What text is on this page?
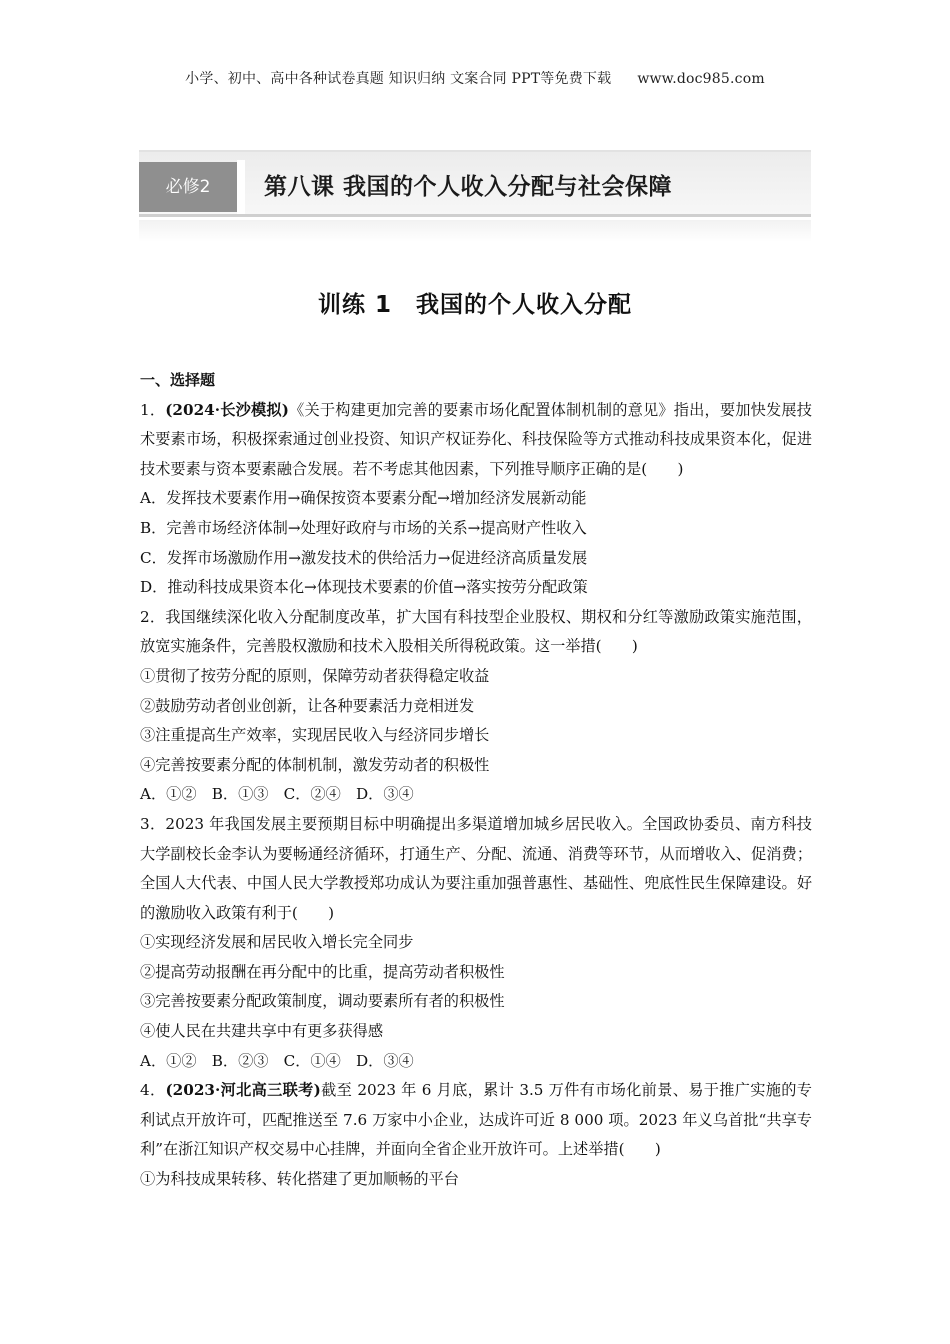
小学、初中、高中各种试卷真题 知识归纳 文案合同 PPT等免费下载 www.doc985.com
必修2	第八课 我国的个人收入分配与社会保障
训练 1　我国的个人收入分配

一、选择题

1．(2024·长沙模拟)《关于构建更加完善的要素市场化配置体制机制的意见》指出，要加快发展技术要素市场，积极探索通过创业投资、知识产权证券化、科技保险等方式推动科技成果资本化，促进技术要素与资本要素融合发展。若不考虑其他因素，下列推导顺序正确的是(　　)

A．发挥技术要素作用→确保按资本要素分配→增加经济发展新动能

B．完善市场经济体制→处理好政府与市场的关系→提高财产性收入

C．发挥市场激励作用→激发技术的供给活力→促进经济高质量发展

D．推动科技成果资本化→体现技术要素的价值→落实按劳分配政策

2．我国继续深化收入分配制度改革，扩大国有科技型企业股权、期权和分红等激励政策实施范围，放宽实施条件，完善股权激励和技术入股相关所得税政策。这一举措(　　)

①贯彻了按劳分配的原则，保障劳动者获得稳定收益

②鼓励劳动者创业创新，让各种要素活力竞相迸发

③注重提高生产效率，实现居民收入与经济同步增长

④完善按要素分配的体制机制，激发劳动者的积极性

A．①②　B．①③　C．②④　D．③④

3．2023 年我国发展主要预期目标中明确提出多渠道增加城乡居民收入。全国政协委员、南方科技大学副校长金李认为要畅通经济循环，打通生产、分配、流通、消费等环节，从而增收入、促消费；全国人大代表、中国人民大学教授郑功成认为要注重加强普惠性、基础性、兜底性民生保障建设。好的激励收入政策有利于(　　)

①实现经济发展和居民收入增长完全同步

②提高劳动报酬在再分配中的比重，提高劳动者积极性

③完善按要素分配政策制度，调动要素所有者的积极性

④使人民在共建共享中有更多获得感

A．①②　B．②③　C．①④　D．③④

4．(2023·河北高三联考)截至 2023 年 6 月底，累计 3.5 万件有市场化前景、易于推广实施的专利试点开放许可，匹配推送至 7.6 万家中小企业，达成许可近 8 000 项。2023 年义乌首批“共享专利”在浙江知识产权交易中心挂牌，并面向全省企业开放许可。上述举措(　　)

①为科技成果转移、转化搭建了更加顺畅的平台
